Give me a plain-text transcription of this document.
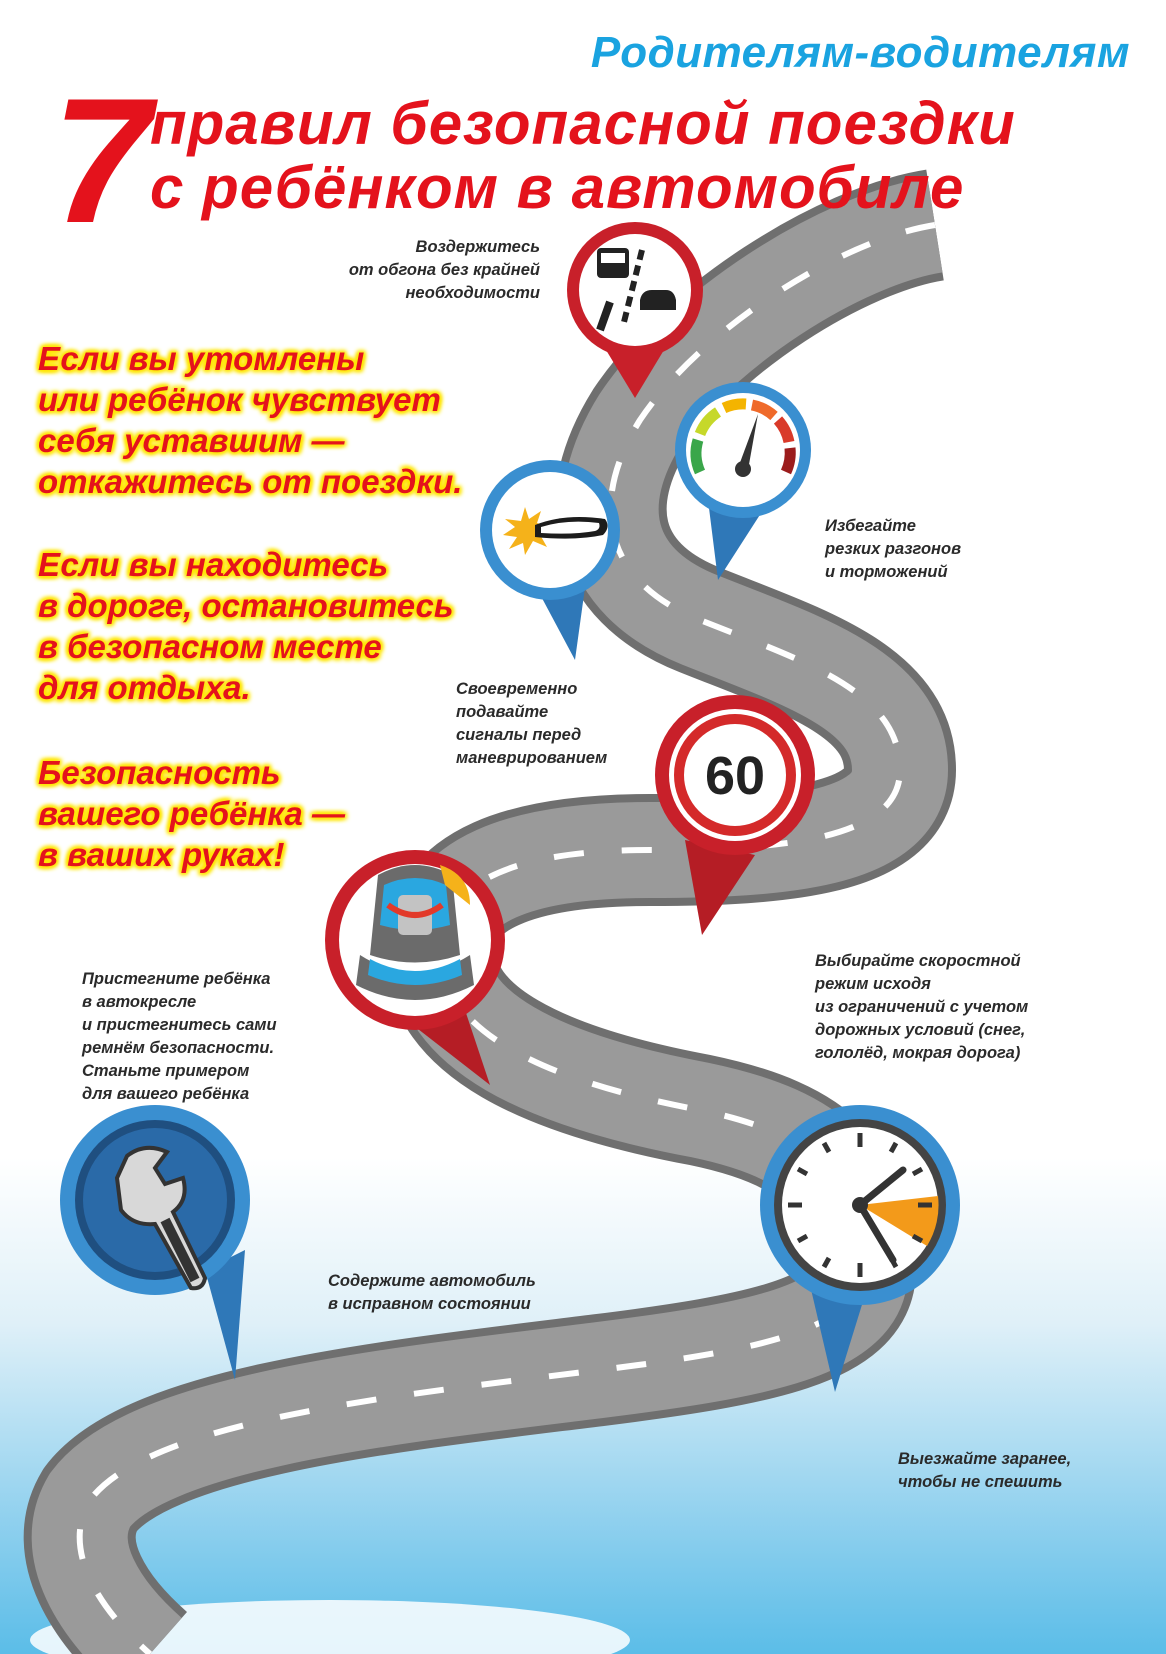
Родителям-водителям
7 правил безопасной поездки
с ребёнком в автомобиле
Если вы утомлены
или ребёнок чувствует
себя уставшим —
откажитесь от поездки.
Если вы находитесь
в дороге, остановитесь
в безопасном месте
для отдыха.
Безопасность
вашего ребёнка —
в ваших руках!
Воздержитесь
от обгона без крайней
необходимости
Избегайте
резких разгонов
и торможений
Своевременно
подавайте
сигналы перед
маневрированием
Выбирайте скоростной
режим исходя
из ограничений с учетом
дорожных условий (снег,
гололёд, мокрая дорога)
Пристегните ребёнка
в автокресле
и пристегнитесь сами
ремнём безопасности.
Станьте примером
для вашего ребёнка
Содержите автомобиль
в исправном состоянии
Выезжайте заранее,
чтобы не спешить
60
